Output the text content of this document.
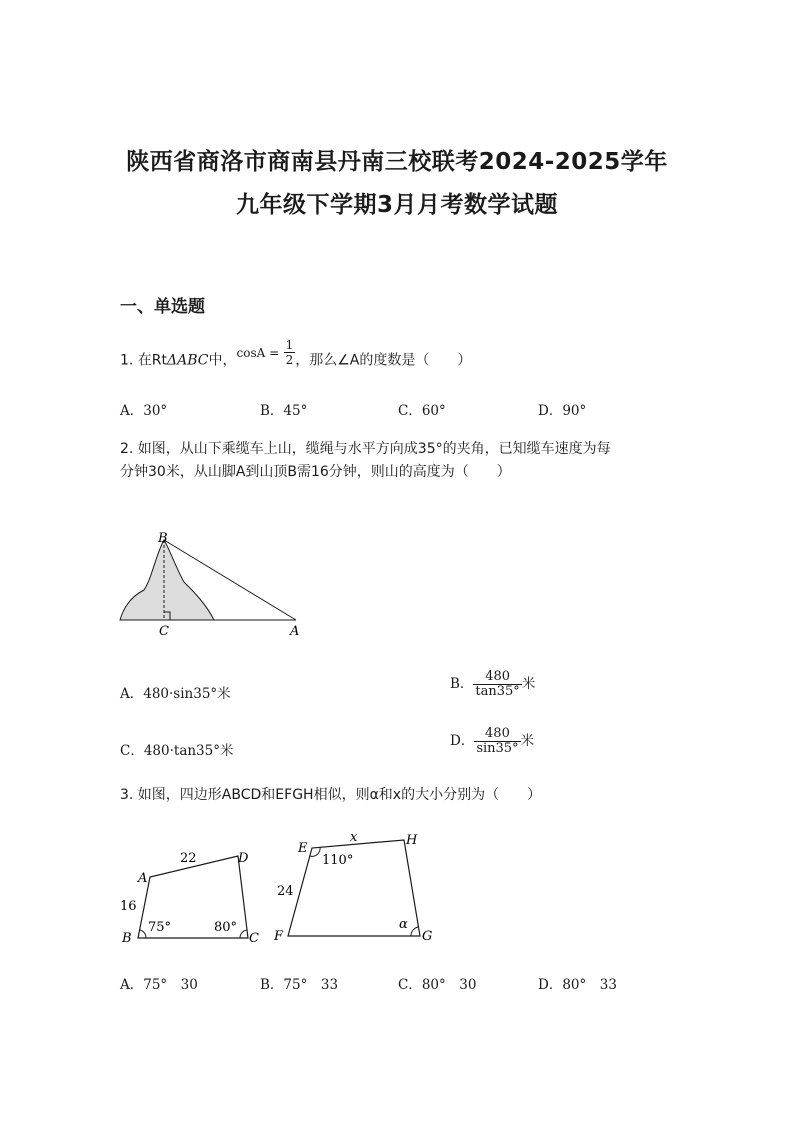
陕西省商洛市商南县丹南三校联考2024-2025学年
九年级下学期3月月考数学试题
一、单选题
1. 在RtΔABC中，$\cos A = \frac{1}{2}$ ，那么∠A的度数是（　　）
A．30°	B．45°	C．60°	D．90°
2. 如图，从山下乘缆车上山，缆绳与水平方向成35°的夹角，已知缆车速度为每
分钟30米，从山脚A到山顶B需16分钟，则山的高度为（　　）
B
C	A
A．480·sin35°米
B． $\frac{480}{\tan 35^\circ}$ 米
C．480·tan35°米
D． $\frac{480}{\sin 35^\circ}$ 米
3. 如图，四边形ABCD和EFGH相似，则α和x的大小分别为（　　）
A
B	C
D
22
16
75°	80°
E
F	G
H
x
24
110°
α
A．75°　30	B．75°　33	C．80°　30	D．80°　33
